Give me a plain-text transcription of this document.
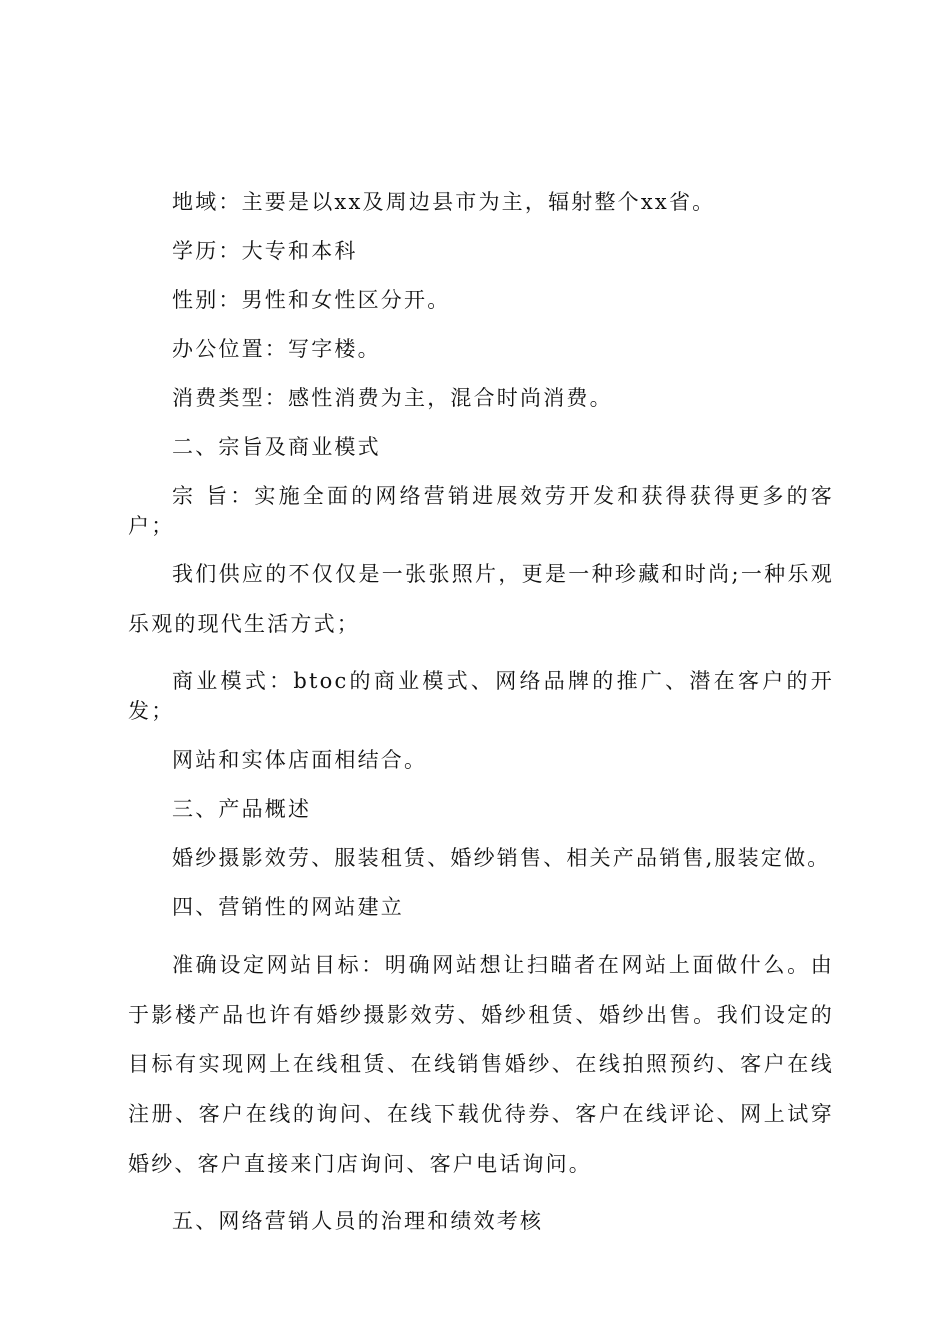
地域：主要是以xx及周边县市为主，辐射整个xx省。

学历：大专和本科

性别：男性和女性区分开。

办公位置：写字楼。

消费类型：感性消费为主，混合时尚消费。

二、宗旨及商业模式

宗 旨：实施全面的网络营销进展效劳开发和获得获得更多的客户；

我们供应的不仅仅是一张张照片，更是一种珍藏和时尚;一种乐观乐观的现代生活方式；

商业模式：btoc的商业模式、网络品牌的推广、潜在客户的开发；

网站和实体店面相结合。

三、产品概述

婚纱摄影效劳、服装租赁、婚纱销售、相关产品销售,服装定做。

四、营销性的网站建立

准确设定网站目标：明确网站想让扫瞄者在网站上面做什么。由于影楼产品也许有婚纱摄影效劳、婚纱租赁、婚纱出售。我们设定的目标有实现网上在线租赁、在线销售婚纱、在线拍照预约、客户在线注册、客户在线的询问、在线下载优待券、客户在线评论、网上试穿婚纱、客户直接来门店询问、客户电话询问。

五、网络营销人员的治理和绩效考核
